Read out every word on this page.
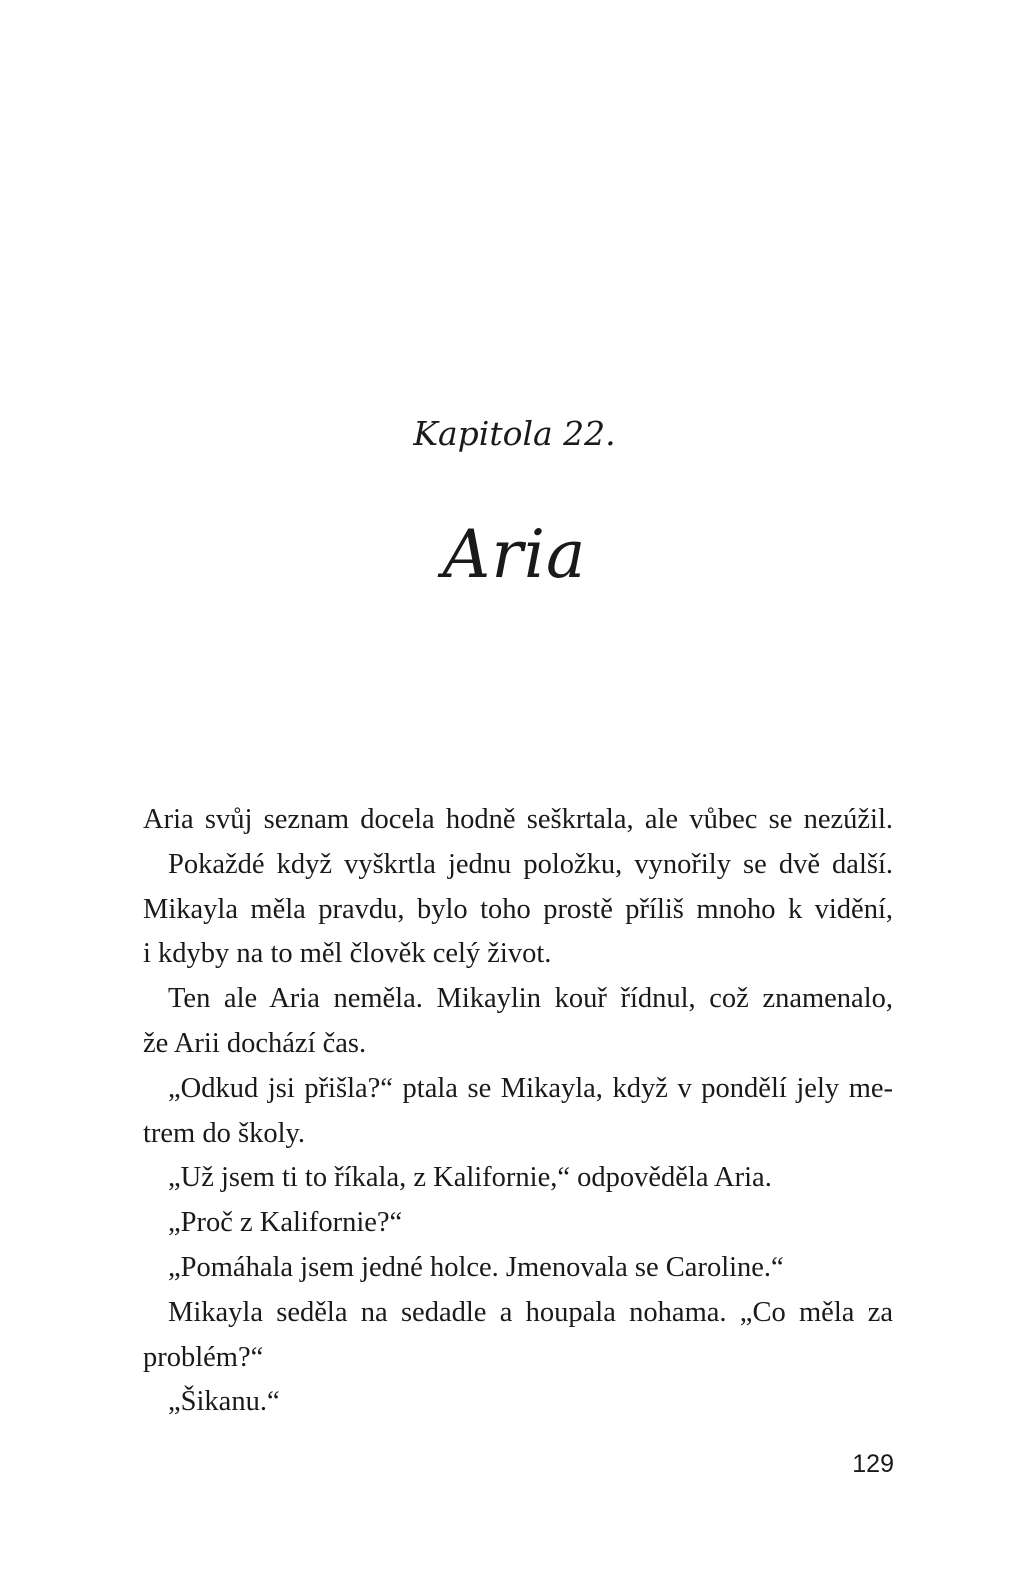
Kapitola 22.
Aria
Aria svůj seznam docela hodně seškrtala, ale vůbec se nezúžil.
Pokaždé když vyškrtla jednu položku, vynořily se dvě další.
Mikayla měla pravdu, bylo toho prostě příliš mnoho k vidění,
i kdyby na to měl člověk celý život.
Ten ale Aria neměla. Mikaylin kouř řídnul, což znamenalo,
že Arii dochází čas.
„Odkud jsi přišla?“ ptala se Mikayla, když v pondělí jely me-
trem do školy.
„Už jsem ti to říkala, z Kalifornie,“ odpověděla Aria.
„Proč z Kalifornie?“
„Pomáhala jsem jedné holce. Jmenovala se Caroline.“
Mikayla seděla na sedadle a houpala nohama. „Co měla za
problém?“
„Šikanu.“
129
